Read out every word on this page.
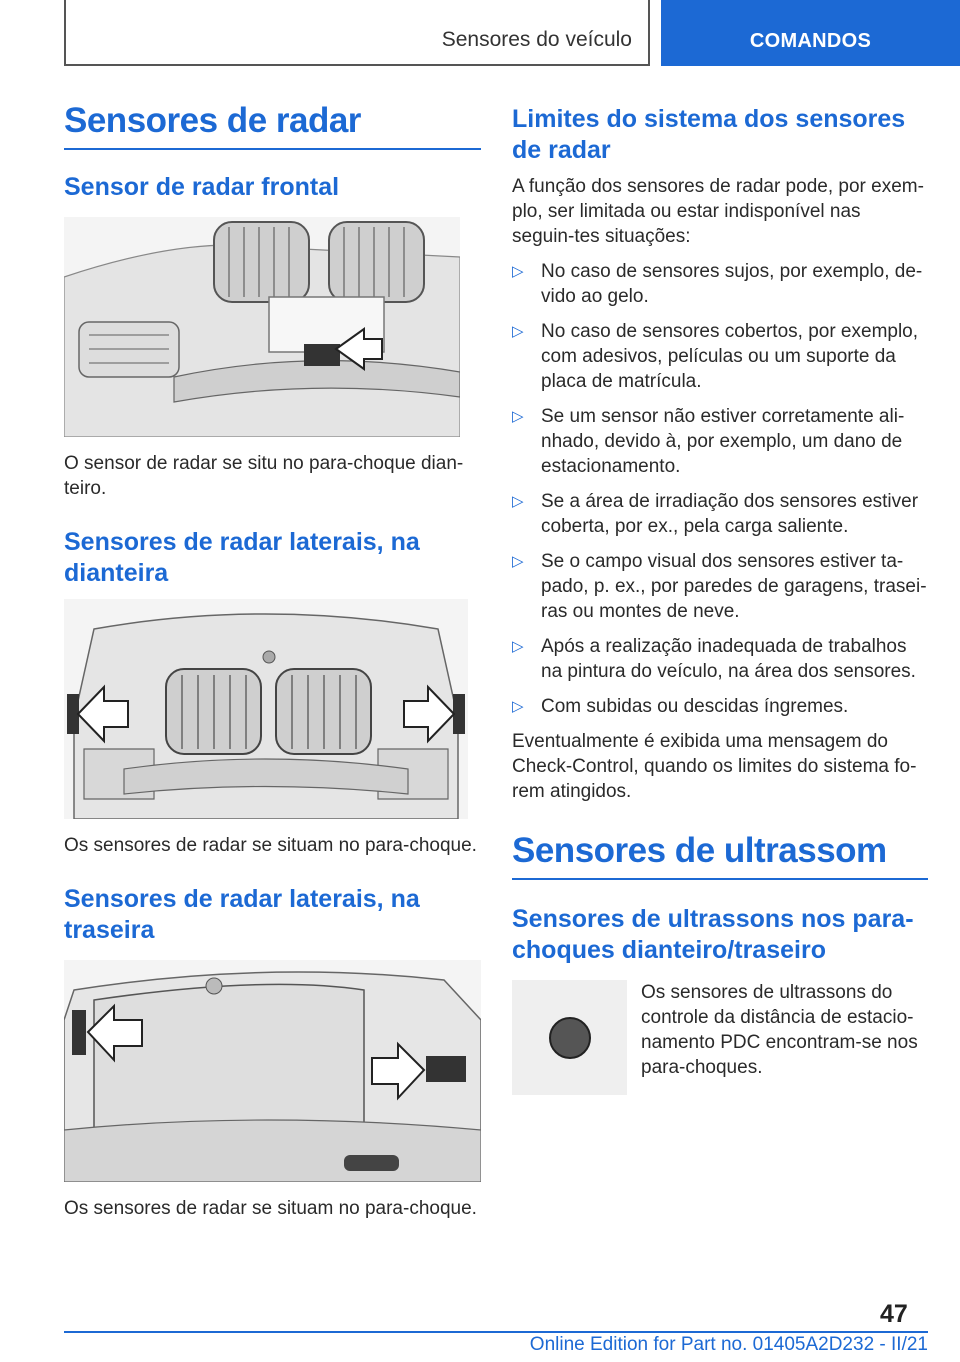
Sensores do veículo	COMANDOS
Sensores de radar
Sensor de radar frontal

O sensor de radar se situ no para-choque dian-teiro.

Sensores de radar laterais, na dianteira

Os sensores de radar se situam no para-choque.

Sensores de radar laterais, na traseira

Os sensores de radar se situam no para-choque.

Limites do sistema dos sensores de radar

A função dos sensores de radar pode, por exem-plo, ser limitada ou estar indisponível nas seguin-tes situações:

▷ No caso de sensores sujos, por exemplo, de-vido ao gelo.
▷ No caso de sensores cobertos, por exemplo, com adesivos, películas ou um suporte da placa de matrícula.
▷ Se um sensor não estiver corretamente ali-nhado, devido à, por exemplo, um dano de estacionamento.
▷ Se a área de irradiação dos sensores estiver coberta, por ex., pela carga saliente.
▷ Se o campo visual dos sensores estiver ta-pado, p. ex., por paredes de garagens, trasei-ras ou montes de neve.
▷ Após a realização inadequada de trabalhos na pintura do veículo, na área dos sensores.
▷ Com subidas ou descidas íngremes.

Eventualmente é exibida uma mensagem do Check-Control, quando os limites do sistema fo-rem atingidos.

Sensores de ultrassom
Sensores de ultrassons nos para-choques dianteiro/traseiro

Os sensores de ultrassons do controle da distância de estacio-namento PDC encontram-se nos para-choques.

47
Online Edition for Part no. 01405A2D232 - II/21
